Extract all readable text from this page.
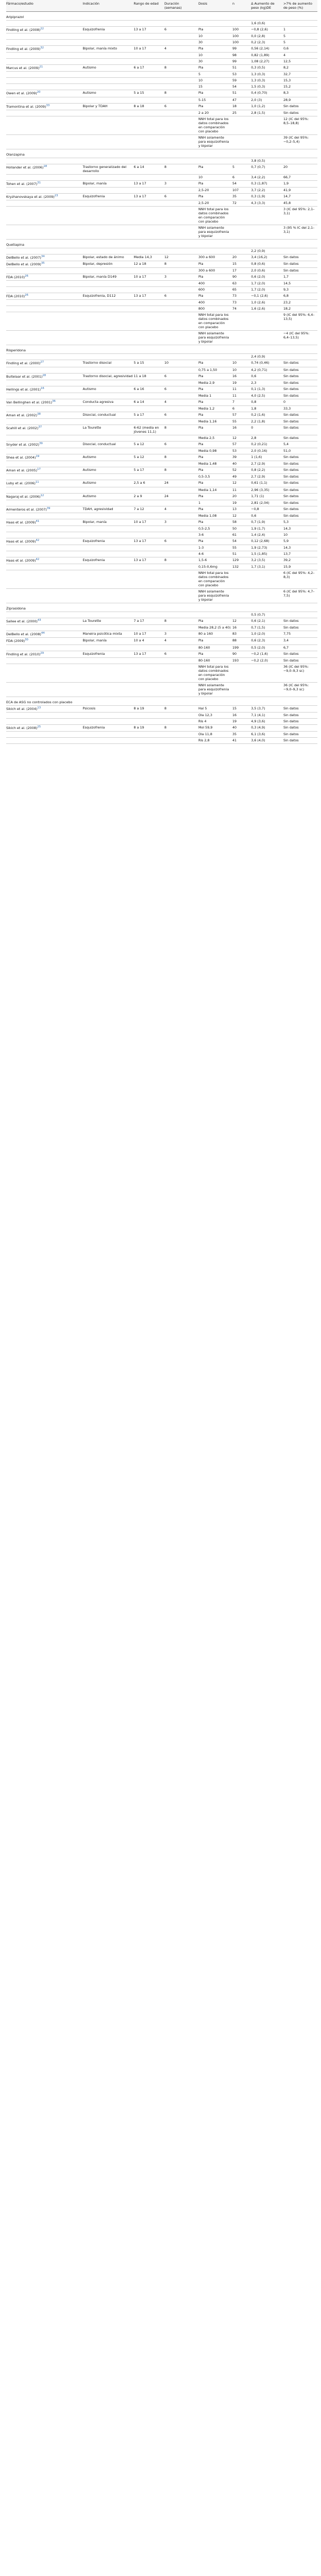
Fármaco/estudio	Indicación	Rango de edad	Duración (semanas)	Dosis	n	Δ Aumento de peso (kg)DE	>7% de aumento de peso (%)
Aripiprazol							
						1,6 (0,6)	
Findling et al. (2008)$^{22}$	Esquizofrenia	13 a 17	6	Pla	100	−0,8 (2,6)	1
				10	100	0,0 (2,8)	5
				30	100	0,2 (2,3)	5
Findling et al. (2009)$^{32}$	Bipolar, manía mixto	10 a 17	4	Pla	99	0,56 (2,14)	0,6
				10	98	0,82 (1,89)	4
				30	99	1,08 (2,27)	12,5
Marcus et al. (2009)$^{21}$	Autismo	6 a 17	8	Pla	51	0,3 (0,5)	8,2
				5	53	1,3 (0,3)	32,7
				10	59	1,3 (0,3)	15,3
				15	54	1,5 (0,3)	15,2
Owen et al. (2009)$^{20}$	Autismo	5 a 15	8	Pla	51	0,4 (0,70)	8,3
				5-15	47	2,0 (3)	28,9
Tramontina et al. (2009)$^{33}$	Bipolar y TDAH	8 a 18	6	Pla	18	1,0 (1,2)	Sin datos
				2 a 20	25	2,8 (1,5)	Sin datos
				NNH total para los datos combinados en comparación con placebo			12 (IC del 95%: 8,5–18,8)
				NNH solamente para esquizofrenia y bipolar			39 (IC del 95%: −0,2–5,4)
Olanzapina							
						3,8 (0,5)	
Hollander et al. (2006)$^{18}$	Trastorno generalizado del desarrollo	6 a 14	8	Pla	5	0,7 (0,7)	20
				10	6	3,4 (2,2)	66,7
Tohen et al. (2007)$^{31}$	Bipolar, manía	13 a 17	3	Pla	54	0,3 (1,87)	1,9
				2,5-20	107	3,7 (2,2)	41,9
Kryzhanovskaya et al. (2009)$^{23}$	Esquizofrenia	13 a 17	6	Pla	35	0,3 (1,9)	14,7
				2,5-20	72	4,3 (3,3)	45,8
				NNH total para los datos combinados en comparación con placebo			3 (IC del 95%: 2,1–3,1)
				NNH solamente para esquizofrenia y bipolar			3 (95 % IC del 2,1–3,1)
Quetiapina							
						2,2 (0,9)	
DelBello et al. (2007)$^{34}$	Bipolar, estado de ánimo	Media 14,3	12	300 a 600	20	3,4 (16,2)	Sin datos
DelBello et al. (2009)$^{35}$	Bipolar, depresión	12 a 18	8	Pla	15	0,8 (0,6)	Sin datos
				300 a 600	17	2,0 (0,6)	Sin datos
FDA (2010)$^{26}$	Bipolar, manía D149	10 a 17	3	Pla	90	0,6 (2,0)	1,7
				400	63	1,7 (2,0)	14,5
				600	65	1,7 (2,0)	9,3
FDA (2010)$^{26}$	Esquizofrenia, D112	13 a 17	6	Pla	73	−0,1 (2,6)	6,8
				400	73	1,0 (2,6)	23,2
				800	74	1,6 (2,6)	18,2
				NNH total para los datos combinados en comparación con placebo			9 (IC del 95%: 6,4–13,5)
				NNH solamente para esquizofrenia y bipolar			−4 (IC del 95%: 6,4–13,5)
Risperidona							
						2,4 (0,9)	
Findling et al. (2000)$^{27}$	Trastorno disocial	5 a 15	10	Pla	10	0,74 (0,46)	Sin datos
				0,75 a 1,50	10	4,2 (0,71)	Sin datos
Buitelaar et al. (2001)$^{28}$	Trastorno disocial, agresividad	11 a 18	6	Pla	16	0,6	Sin datos
				Media 2,9	19	2,3	Sin datos
Hellings et al. (2001)$^{16}$	Autismo	6 a 16	6	Pla	11	0,1 (1,3)	Sin datos
				Media 1	11	4,0 (2,5)	Sin datos
Van Bellinghen et al. (2001)$^{36}$	Conducta agresiva	6 a 14	4	Pla	7	0,8	0
				Media 1,2	6	1,8	33,3
Aman et al. (2002)$^{38}$	Disocial, conductual	5 a 17	6	Pla	57	0,2 (1,6)	Sin datos
				Media 1,16	55	2,2 (1,8)	Sin datos
Scahill et al. (2002)$^{37}$	La Tourette	6-62 (media en jóvenes 11,1)	8	Pla	16	0	Sin datos
				Media 2,5	12	2,8	Sin datos
Snyder et al. (2002)$^{39}$	Disocial, conductual	5 a 12	6	Pla	57	0,2 (0,21)	5,4
				Media 0,98	53	2,0 (0,16)	51,0
Shea et al. (2004)$^{19}$	Autismo	5 a 12	8	Pla	39	1 (1,6)	Sin datos
				Media 1,48	40	2,7 (2,9)	Sin datos
Aman et al. (2005)$^{17}$	Autismo	5 a 17	8	Pla	52	0,8 (2,2)	Sin datos
				0,5-3,5	49	2,7 (2,9)	Sin datos
Luby et al. (2006)$^{11}$	Autismo	2,5 a 6	24	Pla	12	0,61 (1,1)	Sin datos
				Media 1,14	11	2,96 (3,35)	Sin datos
Nagaraj et al. (2006)$^{12}$	Autismo	2 a 9	24	Pla	20	1,71 (1)	Sin datos
				1	19	2,81 (2,04)	Sin datos
Armenteros et al. (2007)$^{39}$	TDAH, agresividad	7 a 12	4	Pla	13	−0,8	Sin datos
				Media 1,08	12	0,6	Sin datos
Haas et al. (2009)$^{41}$	Bipolar, manía	10 a 17	3	Pla	58	0,7 (1,9)	5,3
				0,5-2,5	50	1,9 (1,7)	14,3
				3-6	61	1,4 (2,4)	10
Haas et al. (2009)$^{42}$	Esquizofrenia	13 a 17	6	Pla	54	0,12 (2,68)	5,9
				1-3	55	1,9 (2,73)	14,3
				4-6	51	1,5 (1,85)	13,7
Haas et al. (2009)$^{42}$	Esquizofrenia	13 a 17	8	1,5-6	129	3,2 (3,5)	39,2
				0,15-0,6mg	132	1,7 (3,1)	15,9
				NNH total para los datos combinados en comparación con placebo			6 (IC del 95%: 4,2–8,3)
				NNH solamente para esquizofrenia y bipolar			6 (IC del 95%: 4,7–7,5)
Ziprasidona							
						0,5 (0,7)	
Sallee et al. (2000)$^{43}$	La Tourette	7 a 17	8	Pla	12	0,6 (2,1)	Sin datos
				Media 28,2 (5 a 40)	16	0,7 (1,5)	Sin datos
DelBello et al. (2008)$^{44}$	Maneira psicótica mixta	10 a 17	3	80 a 160	83	1,0 (2,0)	7,75
FDA (2009)$^{30}$	Bipolar, manía	10 a 4	4	Pla	88	0,6 (2,3)	3,4
				80-160	199	0,5 (2,0)	6,7
Findling et al. (2010)$^{29}$	Esquizofrenia	13 a 17	6	Pla	90	−0,2 (1,6)	Sin datos
				80-160	193	−0,2 (2,0)	Sin datos
				NNH total para los datos combinados en comparación con placebo			36 (IC del 95%: −9,0–9,3 sc)
				NNH solamente para esquizofrenia y bipolar			36 (IC del 95%: −9,0–9,3 sc)
ECA de ASG no controlados con placebo							
Sikich et al. (2004)$^{13}$	Psicosis	8 a 19	8	Hal 5	15	3,5 (3,7)	Sin datos
				Ola 12,3	16	7,1 (4,1)	Sin datos
				Ris 4	19	4,9 (3,6)	Sin datos
Sikich et al. (2008)$^{25}$	Esquizofrenia	8 a 19	8	Mol 59,9	40	0,3 (4,9)	Sin datos
				Ola 11,8	35	6,1 (3,6)	Sin datos
				Ris 2,8	41	3,6 (4,0)	Sin datos
